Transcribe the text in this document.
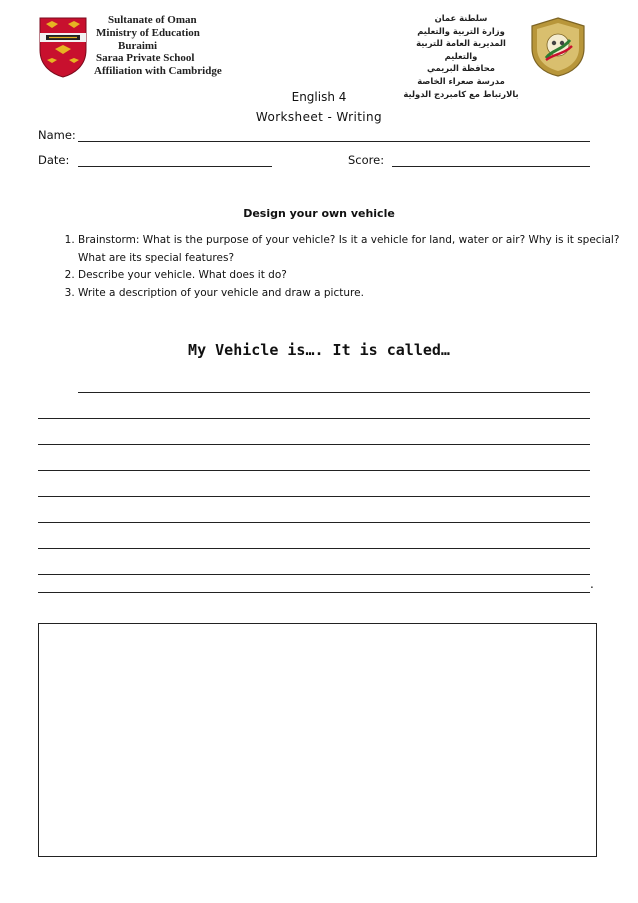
Sultanate of Oman
Ministry of Education
Buraimi
Saraa Private School
Affiliation with Cambridge
سلطنة عمان
وزارة التربية والتعليم
المديرية العامة للتربية والتعليم
محافظة البريمي
مدرسة صعراء الخاصة
بالارتباط مع كامبردج الدولية
English 4
Worksheet - Writing
Name:
Date:	Score:
Design your own vehicle
1. Brainstorm: What is the purpose of your vehicle? Is it a vehicle for land, water or air? Why is it special? What are its special features?
2. Describe your vehicle. What does it do?
3. Write a description of your vehicle and draw a picture.
My Vehicle is…. It is called…
.
